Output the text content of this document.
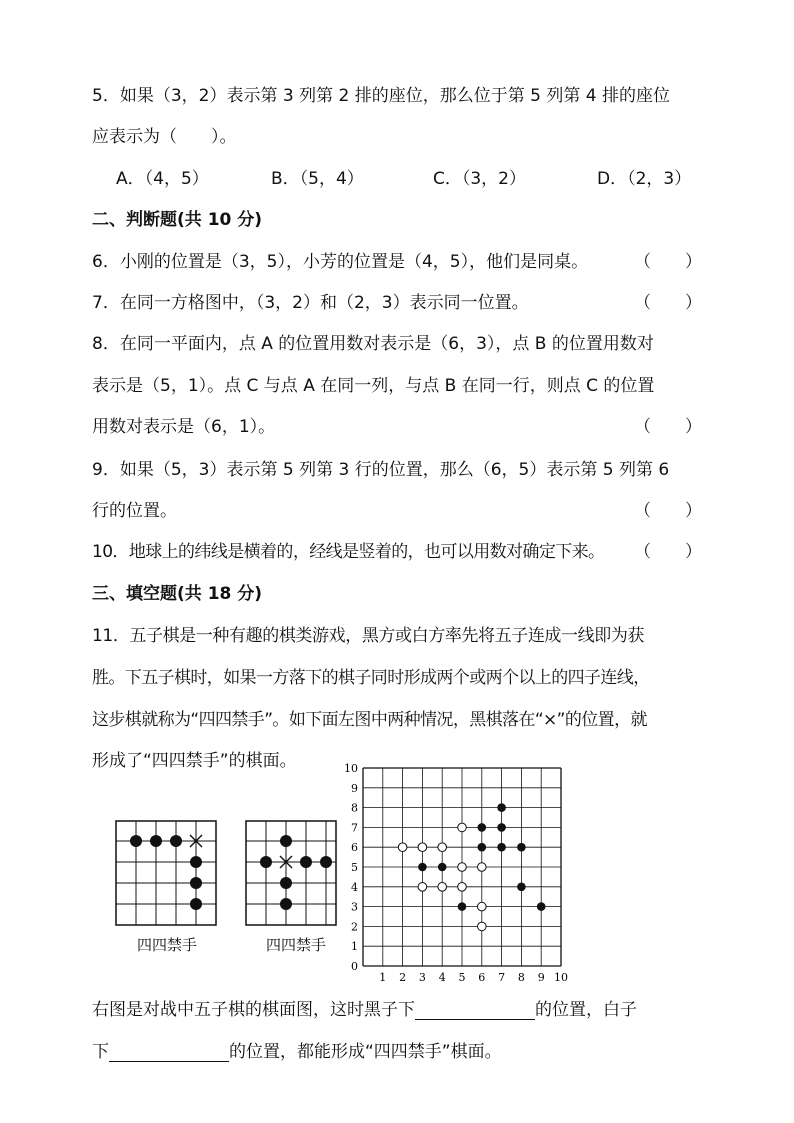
5．如果（3，2）表示第 3 列第 2 排的座位，那么位于第 5 列第 4 排的座位
应表示为（　　）。
A．（4，5）	B．（5，4）	C．（3，2）	D．（2，3）
二、判断题(共 10 分)
6．小刚的位置是（3，5），小芳的位置是（4，5），他们是同桌。	（　　）
7．在同一方格图中，（3，2）和（2，3）表示同一位置。	（　　）
8．在同一平面内，点 A 的位置用数对表示是（6，3），点 B 的位置用数对
表示是（5，1）。点 C 与点 A 在同一列，与点 B 在同一行，则点 C 的位置
用数对表示是（6，1）。	（　　）
9．如果（5，3）表示第 5 列第 3 行的位置，那么（6，5）表示第 5 列第 6
行的位置。	（　　）
10．地球上的纬线是横着的，经线是竖着的，也可以用数对确定下来。 （　　）
三、填空题(共 18 分)
11．五子棋是一种有趣的棋类游戏，黑方或白方率先将五子连成一线即为获
胜。下五子棋时，如果一方落下的棋子同时形成两个或两个以上的四子连线，
这步棋就称为“四四禁手”。如下面左图中两种情况，黑棋落在“×”的位置，就
形成了“四四禁手”的棋面。
四四禁手	四四禁手
1 2 3 4 5 6 7 8 9 10
0
1
2
3
4
5
6
7
8
9
10
右图是对战中五子棋的棋面图，这时黑子下	的位置，白子
下	的位置，都能形成“四四禁手”棋面。
